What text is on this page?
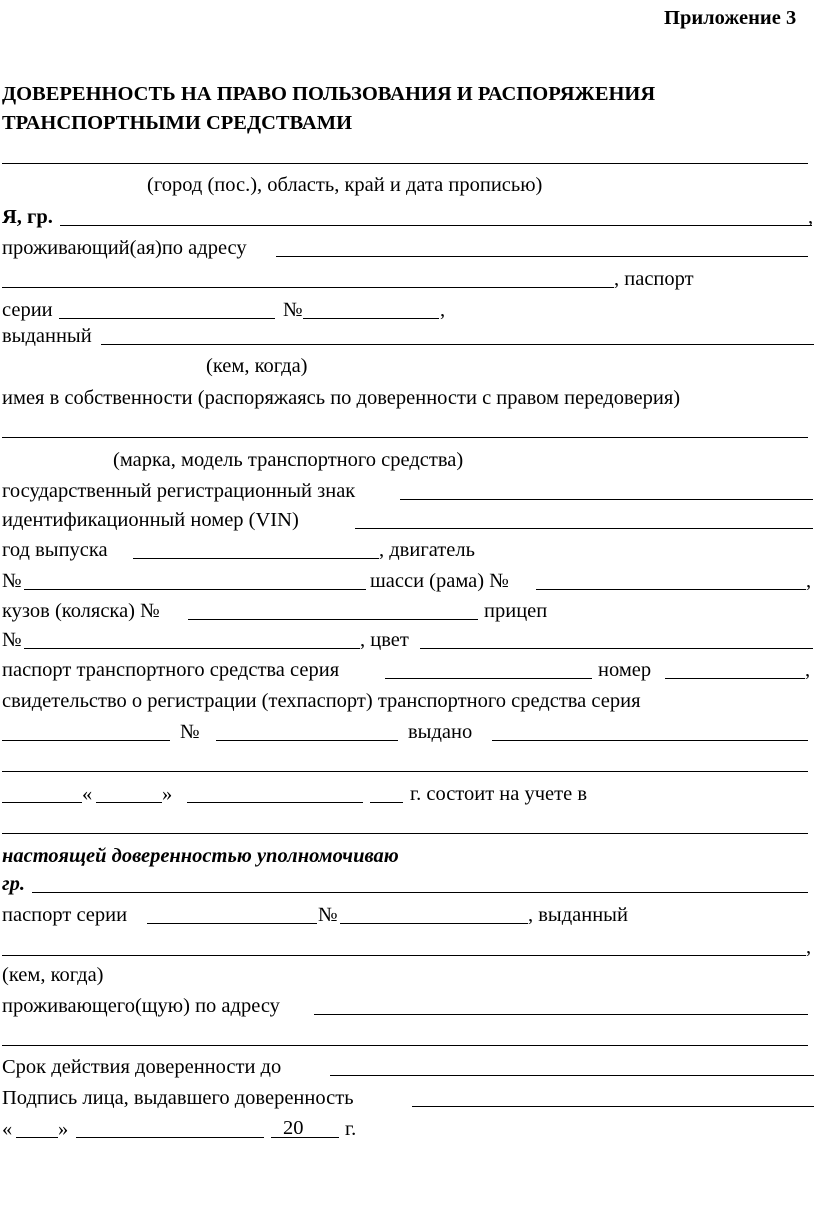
Приложение 3
ДОВЕРЕННОСТЬ НА ПРАВО ПОЛЬЗОВАНИЯ И РАСПОРЯЖЕНИЯ
ТРАНСПОРТНЫМИ СРЕДСТВАМИ
(город (пос.), область, край и дата прописью)
Я, гр.	,
проживающий(ая)по адресу
, паспорт
серии	№	,
выданный
(кем, когда)
имея в собственности (распоряжаясь по доверенности с правом передоверия)
(марка, модель транспортного средства)
государственный регистрационный знак
идентификационный номер (VIN)
год выпуска	, двигатель
№	шасси (рама) №	,
кузов (коляска) №	прицеп
№	, цвет
паспорт транспортного средства серия	номер	,
свидетельство о регистрации (техпаспорт) транспортного средства серия
№	выдано
«	»	г. состоит на учете в
настоящей доверенностью уполномочиваю
гр.
паспорт серии	№	, выданный
,
(кем, когда)
проживающего(щую) по адресу
Срок действия доверенности до
Подпись лица, выдавшего доверенность
« »	20 г.
